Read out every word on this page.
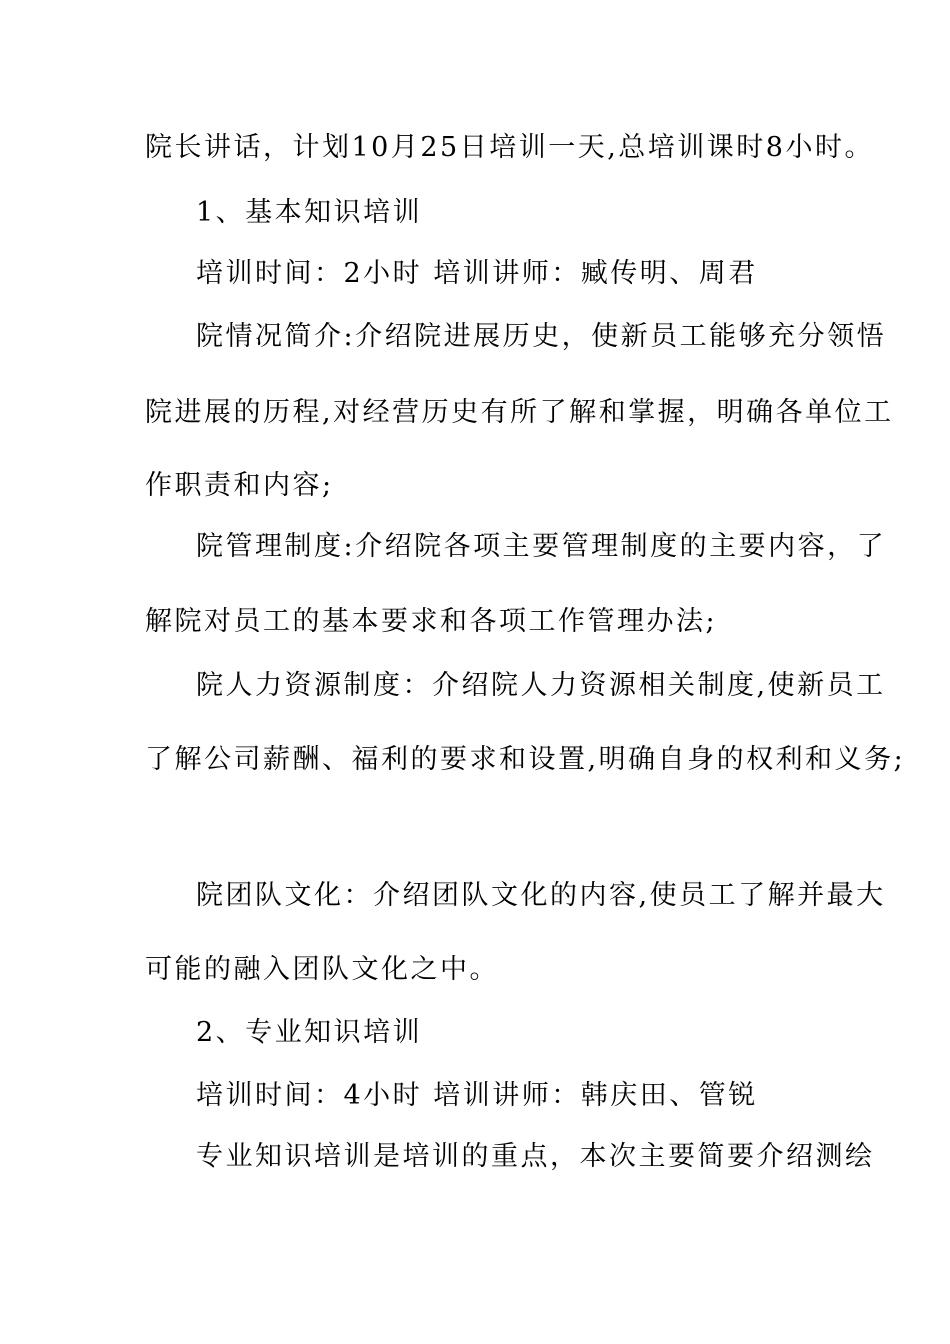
院长讲话，计划10月25日培训一天,总培训课时8小时。
1、基本知识培训
培训时间：2小时 培训讲师：臧传明、周君
院情况简介:介绍院进展历史，使新员工能够充分领悟
院进展的历程,对经营历史有所了解和掌握，明确各单位工
作职责和内容;
院管理制度:介绍院各项主要管理制度的主要内容，了
解院对员工的基本要求和各项工作管理办法;
院人力资源制度：介绍院人力资源相关制度,使新员工
了解公司薪酬、福利的要求和设置,明确自身的权利和义务;
院团队文化：介绍团队文化的内容,使员工了解并最大
可能的融入团队文化之中。
2、专业知识培训
培训时间：4小时 培训讲师：韩庆田、管锐
专业知识培训是培训的重点，本次主要简要介绍测绘
